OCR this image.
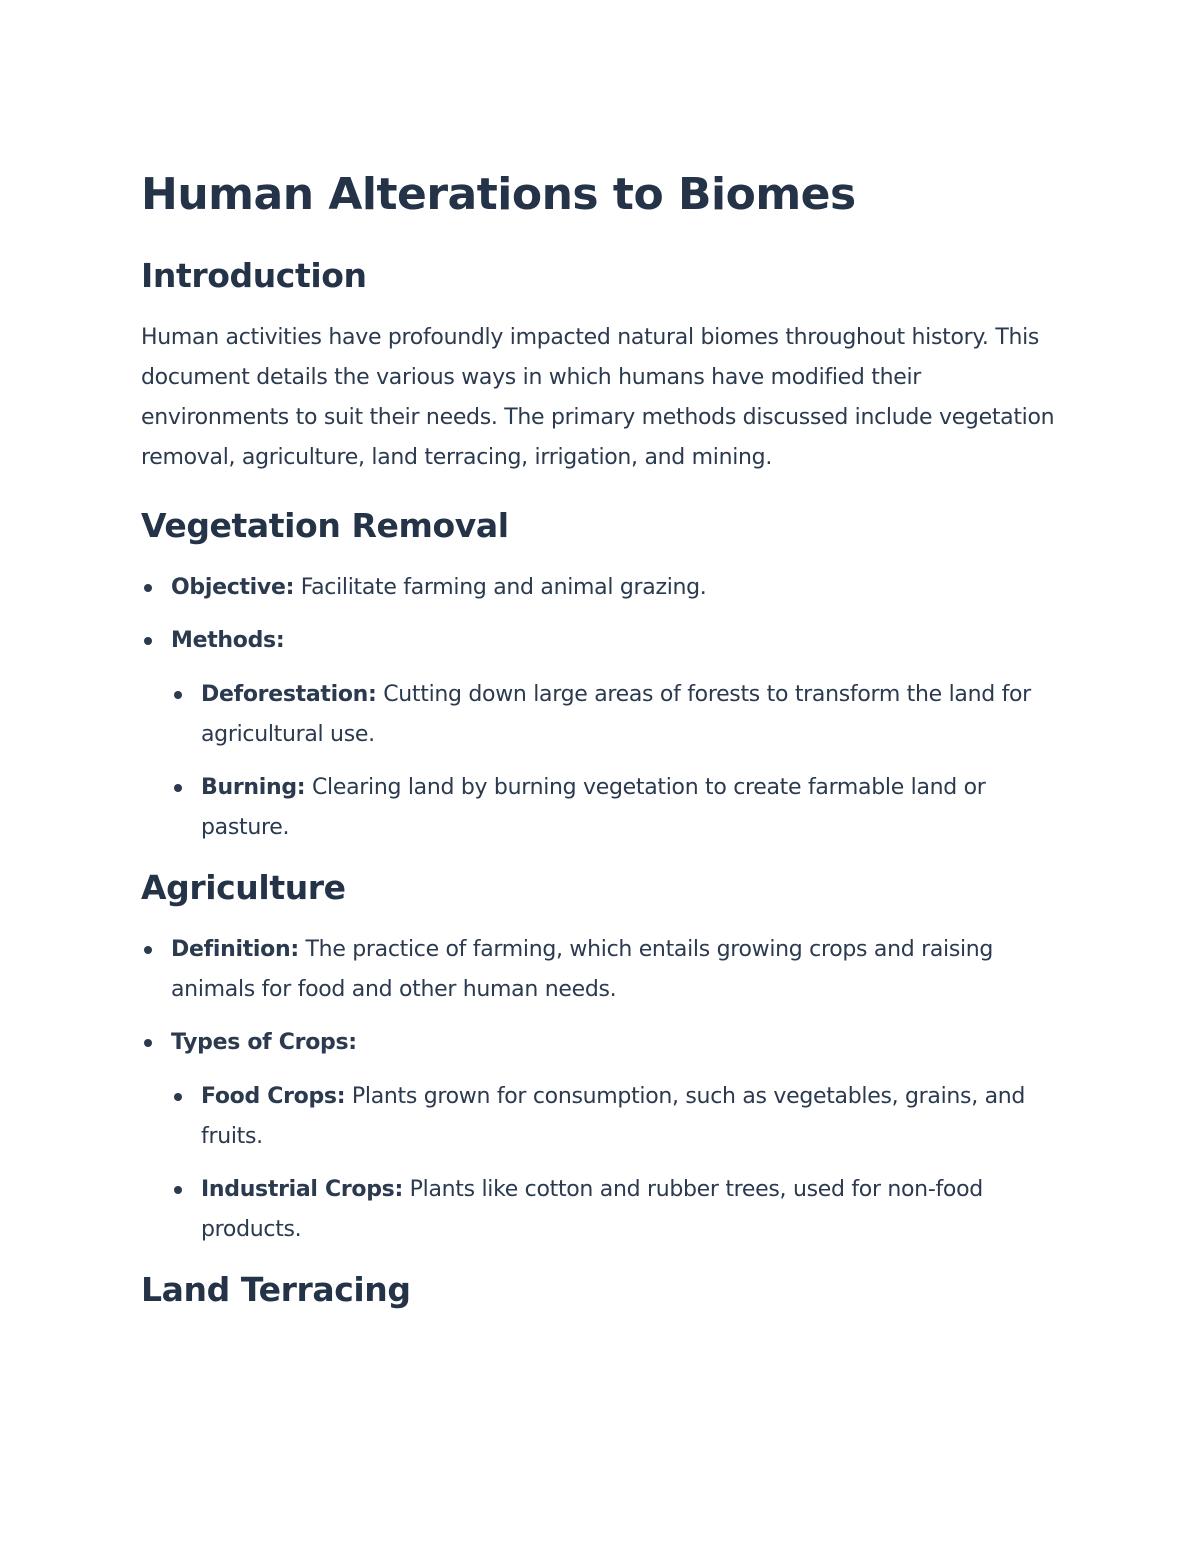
Human Alterations to Biomes
Introduction

Human activities have profoundly impacted natural biomes throughout history. This document details the various ways in which humans have modified their environments to suit their needs. The primary methods discussed include vegetation removal, agriculture, land terracing, irrigation, and mining.

Vegetation Removal
Objective: Facilitate farming and animal grazing.
Methods:
Deforestation: Cutting down large areas of forests to transform the land for agricultural use.
Burning: Clearing land by burning vegetation to create farmable land or pasture.
Agriculture
Definition: The practice of farming, which entails growing crops and raising animals for food and other human needs.
Types of Crops:
Food Crops: Plants grown for consumption, such as vegetables, grains, and fruits.
Industrial Crops: Plants like cotton and rubber trees, used for non-food products.
Land Terracing
